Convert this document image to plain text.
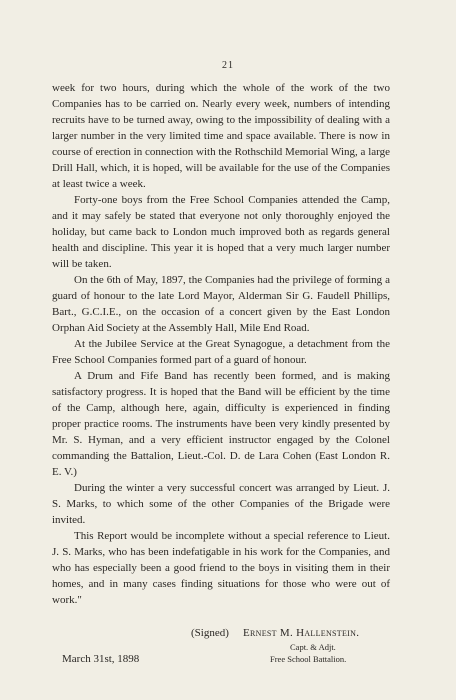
21

week for two hours, during which the whole of the work of the two Companies has to be carried on. Nearly every week, numbers of intending recruits have to be turned away, owing to the impossibility of dealing with a larger number in the very limited time and space available. There is now in course of erection in connection with the Rothschild Memorial Wing, a large Drill Hall, which, it is hoped, will be available for the use of the Companies at least twice a week.

Forty-one boys from the Free School Companies attended the Camp, and it may safely be stated that everyone not only thoroughly enjoyed the holiday, but came back to London much improved both as regards general health and discipline. This year it is hoped that a very much larger number will be taken.

On the 6th of May, 1897, the Companies had the privilege of forming a guard of honour to the late Lord Mayor, Alderman Sir G. Faudell Phillips, Bart., G.C.I.E., on the occasion of a concert given by the East London Orphan Aid Society at the Assembly Hall, Mile End Road.

At the Jubilee Service at the Great Synagogue, a detachment from the Free School Companies formed part of a guard of honour.

A Drum and Fife Band has recently been formed, and is making satisfactory progress. It is hoped that the Band will be efficient by the time of the Camp, although here, again, difficulty is experienced in finding proper practice rooms. The instruments have been very kindly presented by Mr. S. Hyman, and a very efficient instructor engaged by the Colonel commanding the Battalion, Lieut.-Col. D. de Lara Cohen (East London R. E. V.)

During the winter a very successful concert was arranged by Lieut. J. S. Marks, to which some of the other Companies of the Brigade were invited.

This Report would be incomplete without a special reference to Lieut. J. S. Marks, who has been indefatigable in his work for the Companies, and who has especially been a good friend to the boys in visiting them in their homes, and in many cases finding situations for those who were out of work."

(Signed) Ernest M. Hallenstein.
Capt. & Adjt.
Free School Battalion.
March 31st, 1898
